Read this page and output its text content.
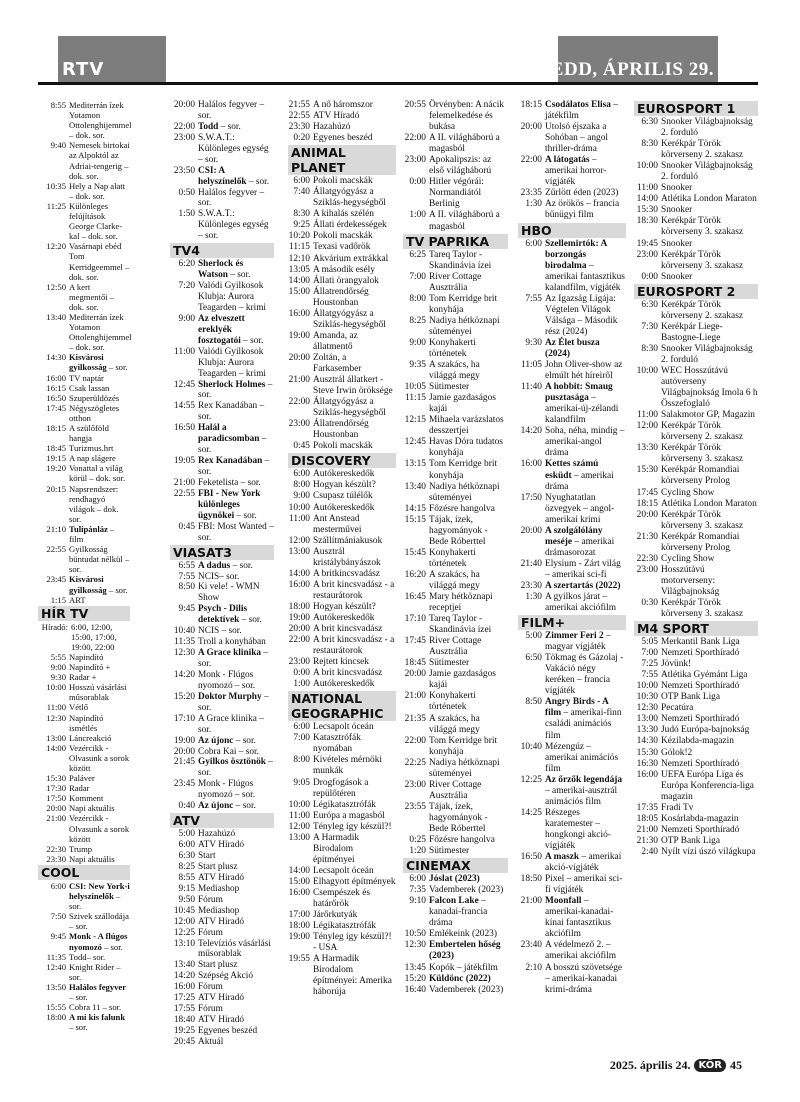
RTV	KEDD, ÁPRILIS 29.
8:55 Mediterrán ízek Yotamon Ottolenghijemmel – dok. sor.
9:40 Nemesek birtokai az Alpoktól az Adriai-tengerig – dok. sor.
10:35 Hely a Nap alatt – dok. sor.
11:25 Különleges felújítások George Clarke-kal – dok. sor.
12:20 Vasárnapi ebéd Tom Kerridgeemmel – dok. sor.
12:50 A kert megmentői – dok. sor.
13:40 Mediterrán ízek Yotamon Ottolenghijemmel – dok. sor.
14:30 Kisvárosi gyilkosság – sor.
16:00 TV naptár
16:15 Csak lassan
16:50 Szuperüldözés
17:45 Négyszögletes otthon
18:15 A szülőföld hangja
18:45 Turizmus.hrt
19:15 A nap slágere
19:20 Vonattal a világ körül – dok. sor.
20:15 Napsrendszer: rendhagyó világok – dok. sor.
21:10 Tulipánláz – film
22:55 Gyilkosság büntudat nélkül – sor.
23:45 Kisvárosi gyilkosság – sor.
1:15 ART
HÍR TV
Híradó: 6:00, 12:00, 15:00, 17:00, 19:00, 22:00
5:55 Napindító
9:00 Napindító +
9:30 Radar +
10:00 Hosszú vásárlási műsorablak
11:00 Vétlő
12:30 Napindító ismétlés
13:00 Láncreakció
14:00 Vezércikk - Olvasunk a sorok között
15:30 Paláver
17:30 Radar
17:50 Komment
20:00 Napi aktuális
21:00 Vezércikk - Olvasunk a sorok között
22:30 Trump
23:30 Napi aktuális
COOL
6:00 CSI: New York-i helyszínelők – sor.
7:50 Szivek szállodája – sor.
9:45 Monk - A flúgos nyomozó – sor.
11:35 Todd– sor.
12:40 Knight Rider – sor.
13:50 Halálos fegyver – sor.
15:55 Cobra 11 – sor.
18:00 A mi kis falunk – sor.
20:00 Halálos fegyver – sor.
22:00 Todd – sor.
23:00 S.W.A.T.: Különleges egység – sor.
23:50 CSI: A helyszínelők – sor.
0:50 Halálos fegyver – sor.
1:50 S.W.A.T.: Különleges egység – sor.
TV4
6:20 Sherlock és Watson – sor.
7:20 Valódi Gyilkosok Klubja: Aurora Teagarden – krimi
9:00 Az elveszett ereklyék fosztogatói – sor.
11:00 Valódi Gyilkosok Klubja: Aurora Teagarden – krimi
12:45 Sherlock Holmes – sor.
14:55 Rex Kanadában – sor.
16:50 Halál a paradicsomban – sor.
19:05 Rex Kanadában – sor.
21:00 Feketelista – sor.
22:55 FBI - New York különleges ügynökei – sor.
0:45 FBI: Most Wanted – sor.
VIASAT3
6:55 A dadus – sor.
7:55 NCIS– sor.
8:50 Ki vele! - WMN Show
9:45 Psych - Dilis detektívek – sor.
10:40 NCIS – sor.
11:35 Troll a konyhában
12:30 A Grace klinika – sor.
14:20 Monk - Flúgos nyomozó – sor.
15:20 Doktor Murphy – sor.
17:10 A Grace klinika – sor.
19:00 Az újonc – sor.
20:00 Cobra Kai – sor.
21:45 Gyilkos ösztönök – sor.
23:45 Monk - Flúgos nyomozó – sor.
0:40 Az újonc – sor.
ATV
5:00 Hazahúzó
6:00 ATV Híradó
6:30 Start
8:25 Start plusz
8:55 ATV Híradó
9:15 Mediashop
9:50 Fórum
10:45 Mediashop
12:00 ATV Híradó
12:25 Fórum
13:10 Televíziós vásárlási műsorablak
13:40 Start plusz
14:20 Szépség Akció
16:00 Fórum
17:25 ATV Híradó
17:55 Fórum
18:40 ATV Híradó
19:25 Egyenes beszéd
20:45 Aktuál
21:55 A nő háromszor
22:55 ATV Híradó
23:30 Hazahúzó
0:20 Egyenes beszéd
ANIMAL PLANET
6:00 Pokoli macskák
7:40 Állatgyógyász a Sziklás-hegységből
8:30 A kihalás szélén
9:25 Állati érdekességek
10:20 Pokoli macskák
11:15 Texasi vadőrök
12:10 Akvárium extrákkal
13:05 A második esély
14:00 Állati örangyalok
15:00 Állatrendőrség Houstonban
16:00 Állatgyógyász a Sziklás-hegységből
19:00 Amanda, az állatmentő
20:00 Zoltán, a Farkasember
21:00 Ausztrál állatkert - Steve Irwin öröksége
22:00 Állatgyógyász a Sziklás-hegységből
23:00 Állatrendőrség Houstonban
0:45 Pokoli macskák
DISCOVERY
6:00 Autókereskedők
8:00 Hogyan készült?
9:00 Csupasz túlélők
10:00 Autókereskedők
11:00 Ant Anstead mesterművei
12:00 Szállítmániakusok
13:00 Ausztrál kristálybányászok
14:00 A britkincsvadász
16:00 A brit kincsvadász - a restaurátorok
18:00 Hogyan készült?
19:00 Autókereskedők
20:00 A brit kincsvadász
22:00 A brit kincsvadász - a restaurátorok
23:00 Rejtett kincsek
0:00 A brit kincsvadász
1:00 Autókereskedők
NATIONAL GEOGRAPHIC
6:00 Lecsapolt óceán
7:00 Katasztrófák nyomában
8:00 Kivételes mérnöki munkák
9:05 Drogfogások a repülőtéren
10:00 Légikatasztrófák
11:00 Európa a magasból
12:00 Tényleg így készül?!
13:00 A Harmadik Birodalom építményei
14:00 Lecsapolt óceán
15:00 Elhagyott építmények
16:00 Csempészek és határőrök
17:00 Járőrkutyák
18:00 Légikatasztrófák
19:00 Tényleg így készül?! - USA
19:55 A Harmadik Birodalom építményei: Amerika háborúja
20:55 Örvényben: A nácik felemelkedése és bukása
22:00 A II. világháború a magasból
23:00 Apokalipszis: az első világháború
0:00 Hitler végórái: Normandiától Berlinig
1:00 A II. világháború a magasból
TV PAPRIKA
6:25 Tareq Taylor - Skandinávia ízei
7:00 River Cottage Ausztrália
8:00 Tom Kerridge brit konyhája
8:25 Nadiya hétköznapi süteményei
9:00 Konyhakerti történetek
9:35 A szakács, ha világgá megy
10:05 Sütimester
11:15 Jamie gazdaságos kajái
12:15 Mihaela varázslatos desszertjei
12:45 Havas Dóra tudatos konyhája
13:15 Tom Kerridge brit konyhája
13:40 Nadiya hétköznapi süteményei
14:15 Főzésre hangolva
15:15 Tájak, ízek, hagyományok - Bede Róberttel
15:45 Konyhakerti történetek
16:20 A szakács, ha világgá megy
16:45 Mary hétköznapi receptjei
17:10 Tareq Taylor - Skandinávia ízei
17:45 River Cottage Ausztrália
18:45 Sütimester
20:00 Jamie gazdaságos kajái
21:00 Konyhakerti történetek
21:35 A szakács, ha világgá megy
22:00 Tom Kerridge brit konyhája
22:25 Nadiya hétköznapi süteményei
23:00 River Cottage Ausztrália
23:55 Tájak, ízek, hagyományok - Bede Róberttel
0:25 Főzésre hangolva
1:20 Sütimester
CINEMAX
6:00 Jóslat (2023)
7:35 Vademberek (2023)
9:10 Falcon Lake – kanadai-francia dráma
10:50 Emlékeink (2023)
12:30 Embertelen hőség (2023)
13:45 Kopók – játékfilm
15:20 Küldönc (2022)
16:40 Vademberek (2023)
18:15 Csodálatos Elisa – játékfilm
20:00 Utolsó éjszaka a Sohóban – angol thriller-dráma
22:00 A látogatás – amerikai horror-vígjáték
23:35 Zűrlött éden (2023)
1:30 Az örökös – francia bűnügyi film
HBO
6:00 Szellemirtók: A borzongás birodalma – amerikai fantasztikus kalandfilm, vígjáték
7:55 Az Igazság Ligája: Végtelen Világok Válsága – Második rész (2024)
9:30 Az Élet busza (2024)
11:05 John Oliver-show az elmúlt hét híreiről
11:40 A hobbit: Smaug pusztasága – amerikai-új-zélandi kalandfilm
14:20 Soha, néha, mindig – amerikai-angol dráma
16:00 Kettes számú esküdt – amerikai dráma
17:50 Nyughatatlan özvegyek – angol-amerikai krimi
20:00 A szolgálólány meséje – amerikai drámasorozat
21:40 Elysium - Zárt világ – amerikai sci-fi
23:30 A szertartás (2022)
1:30 A gyilkos járat – amerikai akciófilm
FILM+
5:00 Zimmer Feri 2 – magyar vígjáték
6:50 Tökmag és Gázolaj - Vakáció négy keréken – francia vígjáték
8:50 Angry Birds - A film – amerikai-finn családi animációs film
10:40 Mézengúz – amerikai animációs film
12:25 Az őrzők legendája – amerikai-ausztrál animációs film
14:25 Részeges karatemester – hongkongi akció-vígjáték
16:50 A maszk – amerikai akció-vígjáték
18:50 Pixel – amerikai sci-fi vígjáték
21:00 Moonfall – amerikai-kanadai-kínai fantasztikus akciófilm
23:40 A védelmező 2. – amerikai akciófilm
2:10 A bosszú szövetsége – amerikai-kanadai krimi-dráma
EUROSPORT 1
6:30 Snooker Világbajnokság 2. forduló
8:30 Kerékpár Török körverseny 2. szakasz
10:00 Snooker Világbajnokság 2. forduló
11:00 Snooker
14:00 Atlétika London Maraton
15:30 Snooker
18:30 Kerékpár Török körverseny 3. szakasz
19:45 Snooker
23:00 Kerékpár Török körverseny 3. szakasz
0:00 Snooker
EUROSPORT 2
6:30 Kerékpár Török körverseny 2. szakasz
7:30 Kerékpár Liege-Bastogne-Liege
8:30 Snooker Világbajnokság 2. forduló
10:00 WEC Hosszútávú autóverseny Világbajnokság Imola 6 h Összefoglaló
11:00 Salakmotor GP, Magazin
12:00 Kerékpár Török körverseny 2. szakasz
13:30 Kerékpár Török körverseny 3. szakasz
15:30 Kerékpár Romandiai körverseny Prolog
17:45 Cycling Show
18:15 Atlétika London Maraton
20:00 Kerékpár Török körverseny 3. szakasz
21:30 Kerékpár Romandiai körverseny Prolog
22:30 Cycling Show
23:00 Hosszútávú motorverseny: Világbajnokság
0:30 Kerékpár Török körverseny 3. szakasz
M4 SPORT
5:05 Merkantil Bank Liga
7:00 Nemzeti Sporthíradó
7:25 Jövünk!
7:55 Atlétika Gyémánt Liga
10:00 Nemzeti Sporthíradó
10:30 OTP Bank Liga
12:30 Pecatúra
13:00 Nemzeti Sporthíradó
13:30 Judó Európa-bajnokság
14:30 Kézilabda-magazin
15:30 Gólok!2
16:30 Nemzeti Sporthíradó
16:00 UEFA Európa Liga és Európa Konferencia-liga magazin
17:35 Fradi Tv
18:05 Kosárlabda-magazin
21:00 Nemzeti Sporthíradó
21:30 OTP Bank Liga
2:40 Nyílt vízi úszó világkupa
2025. április 24. KÖR 45
